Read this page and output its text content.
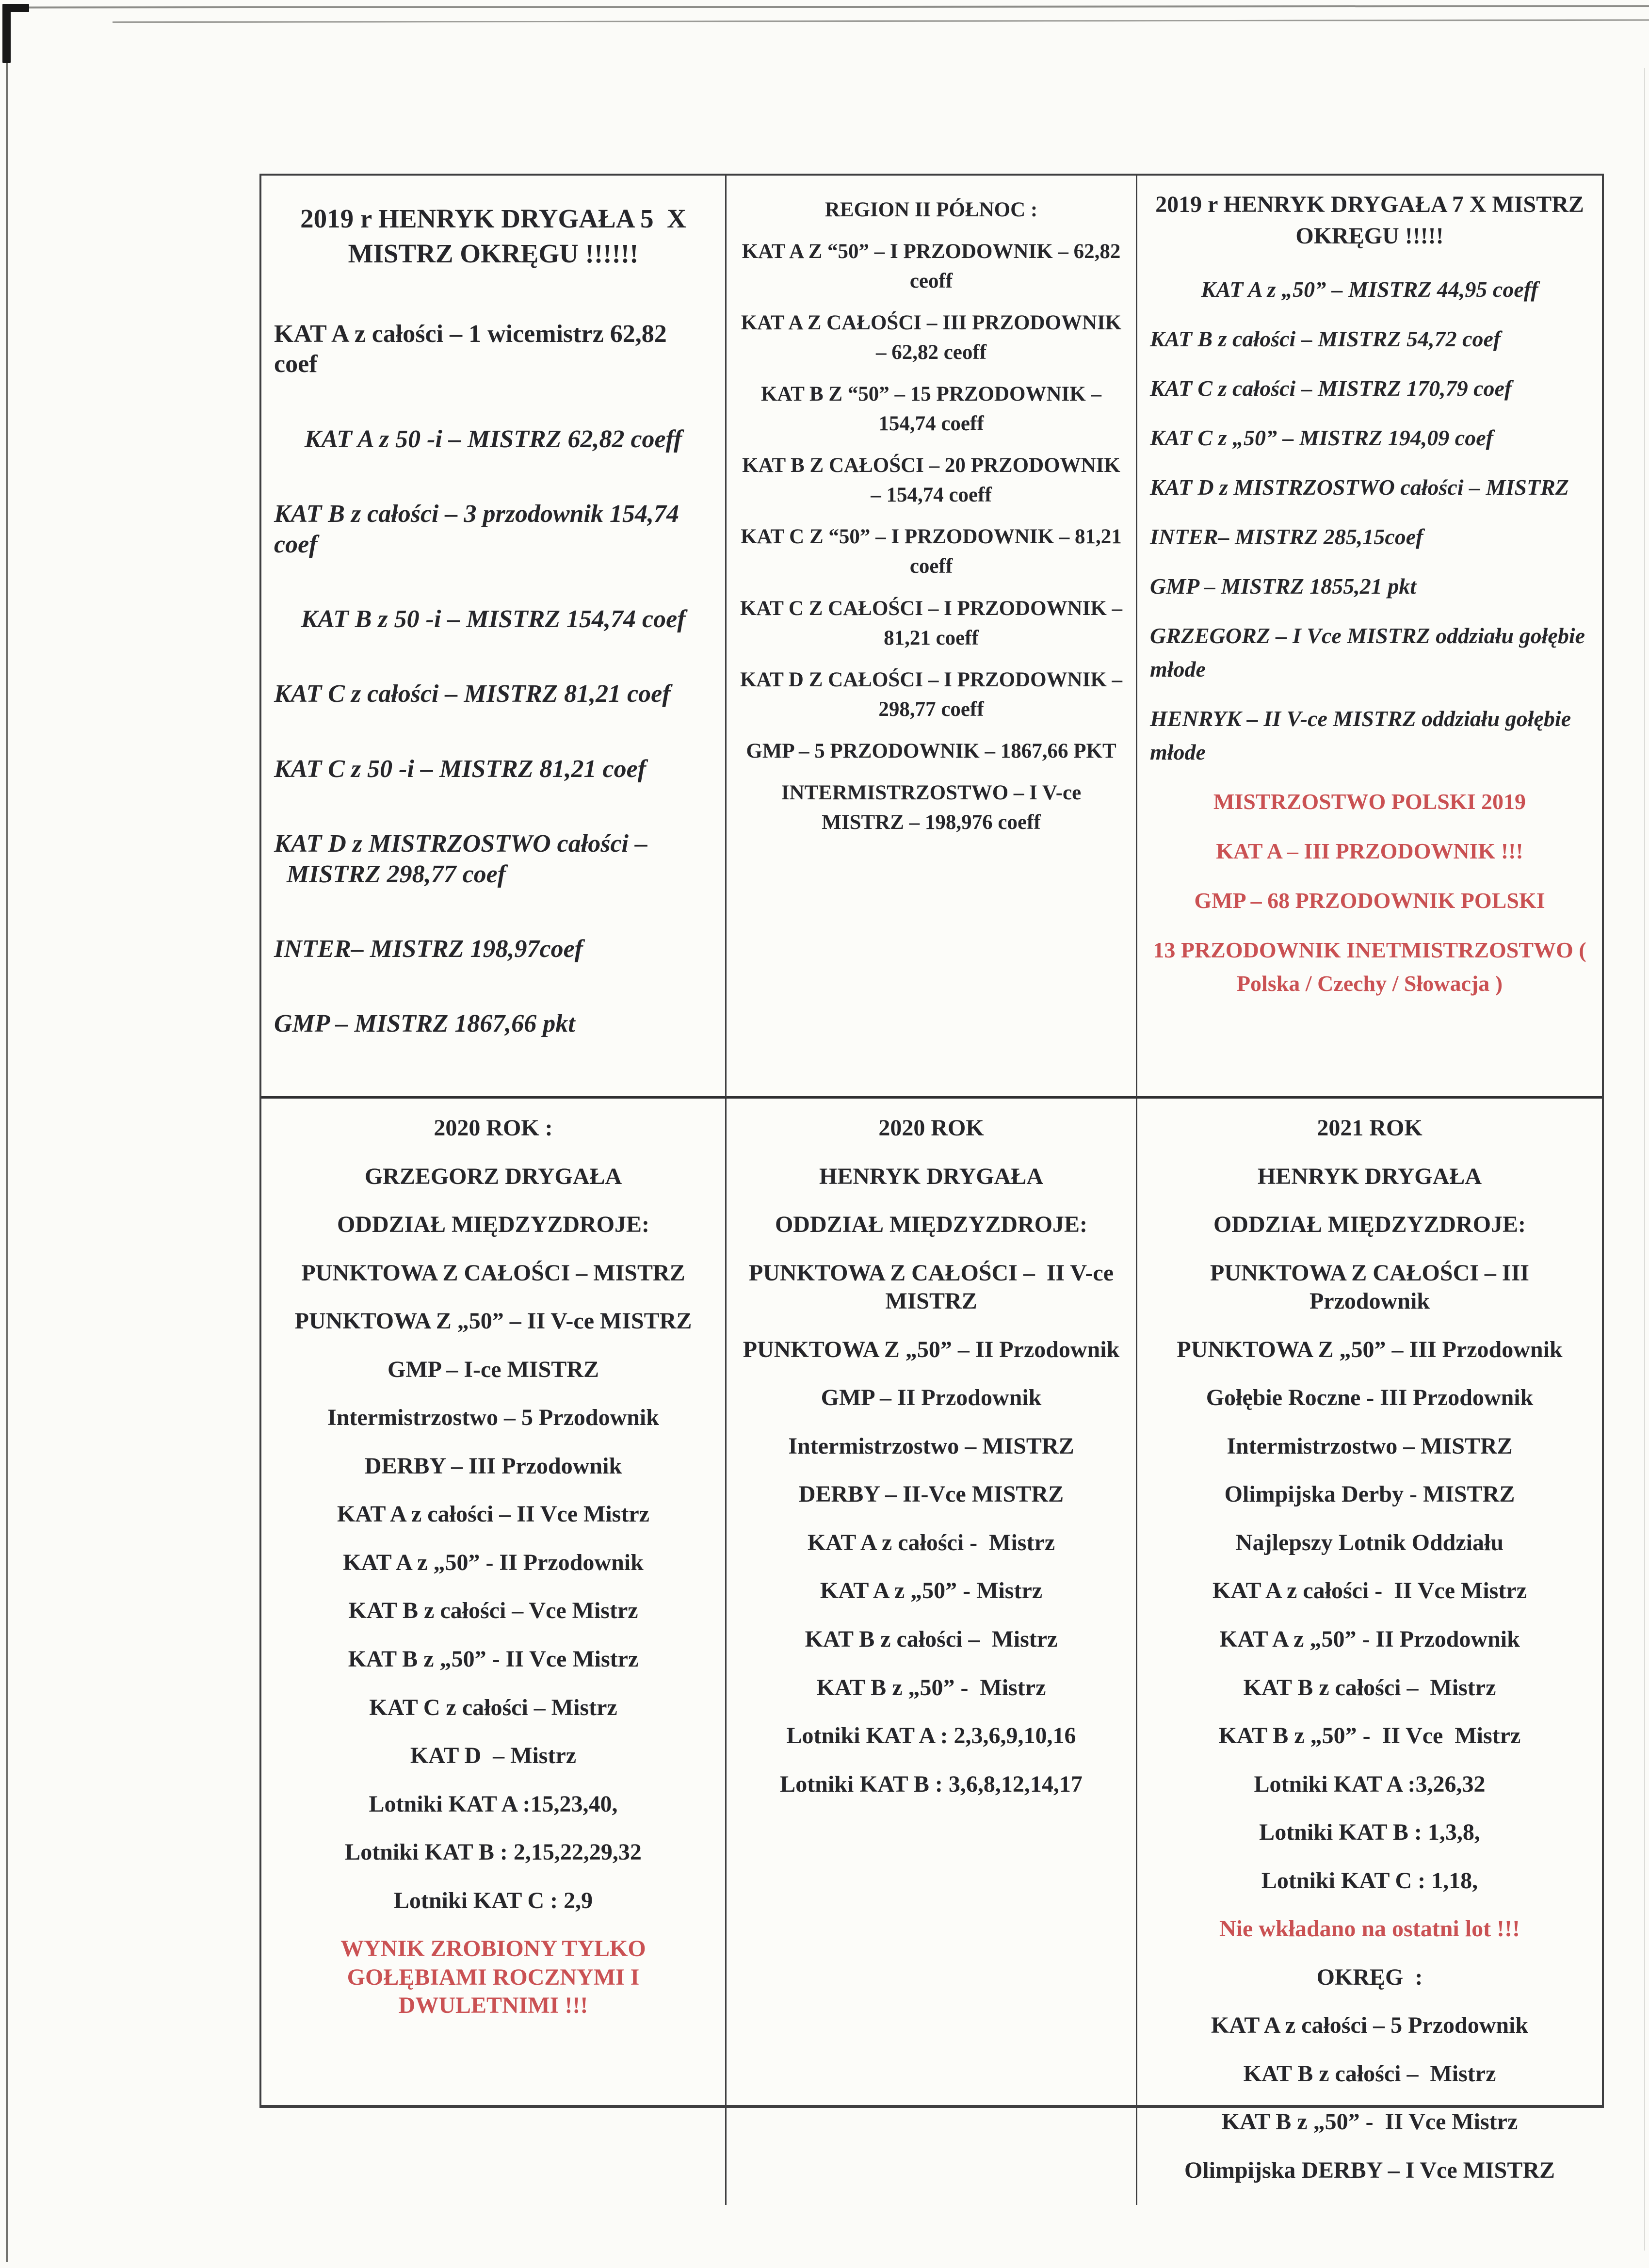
2019 r HENRYK DRYGAŁA 5  X

MISTRZ OKRĘGU !!!!!!

KAT A z całości – 1 wicemistrz 62,82 coef

KAT A z 50 -i – MISTRZ 62,82 coeff

KAT B z całości – 3 przodownik 154,74 coef

KAT B z 50 -i – MISTRZ 154,74 coef

KAT C z całości – MISTRZ 81,21 coef

KAT C z 50 -i – MISTRZ 81,21 coef

KAT D z MISTRZOSTWO całości –   MISTRZ 298,77 coef

INTER– MISTRZ 198,97coef

GMP – MISTRZ 1867,66 pkt

REGION II PÓŁNOC :

KAT A Z “50” – I PRZODOWNIK – 62,82 ceoff

KAT A Z CAŁOŚCI – III PRZODOWNIK – 62,82 ceoff

KAT B Z “50” – 15 PRZODOWNIK – 154,74 coeff

KAT B Z CAŁOŚCI – 20 PRZODOWNIK – 154,74 coeff

KAT C Z “50” – I PRZODOWNIK – 81,21 coeff

KAT C Z CAŁOŚCI – I PRZODOWNIK – 81,21 coeff

KAT D Z CAŁOŚCI – I PRZODOWNIK – 298,77 coeff

GMP – 5 PRZODOWNIK – 1867,66 PKT

INTERMISTRZOSTWO – I V-ce MISTRZ – 198,976 coeff

2019 r HENRYK DRYGAŁA 7 X MISTRZ OKRĘGU !!!!!

KAT A z „50” – MISTRZ 44,95 coeff

KAT B z całości – MISTRZ 54,72 coef

KAT C z całości – MISTRZ 170,79 coef

KAT C z „50” – MISTRZ 194,09 coef

KAT D z MISTRZOSTWO całości – MISTRZ

INTER– MISTRZ 285,15coef

GMP – MISTRZ 1855,21 pkt

GRZEGORZ – I Vce MISTRZ oddziału gołębie młode

HENRYK – II V-ce MISTRZ oddziału gołębie młode

MISTRZOSTWO POLSKI 2019

KAT A – III PRZODOWNIK !!!

GMP – 68 PRZODOWNIK POLSKI

13 PRZODOWNIK INETMISTRZOSTWO ( Polska / Czechy / Słowacja )

2020 ROK :

GRZEGORZ DRYGAŁA

ODDZIAŁ MIĘDZYZDROJE:

PUNKTOWA Z CAŁOŚCI – MISTRZ

PUNKTOWA Z „50” – II V-ce MISTRZ

GMP – I-ce MISTRZ

Intermistrzostwo – 5 Przodownik

DERBY – III Przodownik

KAT A z całości – II Vce Mistrz

KAT A z „50” - II Przodownik

KAT B z całości – Vce Mistrz

KAT B z „50” - II Vce Mistrz

KAT C z całości – Mistrz

KAT D  – Mistrz

Lotniki KAT A :15,23,40,

Lotniki KAT B : 2,15,22,29,32

Lotniki KAT C : 2,9

WYNIK ZROBIONY TYLKO GOŁĘBIAMI ROCZNYMI I DWULETNIMI !!!

2020 ROK

HENRYK DRYGAŁA

ODDZIAŁ MIĘDZYZDROJE:

PUNKTOWA Z CAŁOŚCI –  II V-ce MISTRZ

PUNKTOWA Z „50” – II Przodownik

GMP – II Przodownik

Intermistrzostwo – MISTRZ

DERBY – II-Vce MISTRZ

KAT A z całości -  Mistrz

KAT A z „50” - Mistrz

KAT B z całości –  Mistrz

KAT B z „50” -  Mistrz

Lotniki KAT A : 2,3,6,9,10,16

Lotniki KAT B : 3,6,8,12,14,17

2021 ROK

HENRYK DRYGAŁA

ODDZIAŁ MIĘDZYZDROJE:

PUNKTOWA Z CAŁOŚCI – III Przodownik

PUNKTOWA Z „50” – III Przodownik

Gołębie Roczne - III Przodownik

Intermistrzostwo – MISTRZ

Olimpijska Derby - MISTRZ

Najlepszy Lotnik Oddziału

KAT A z całości -  II Vce Mistrz

KAT A z „50” - II Przodownik

KAT B z całości –  Mistrz

KAT B z „50” -  II Vce  Mistrz

Lotniki KAT A :3,26,32

Lotniki KAT B : 1,3,8,

Lotniki KAT C : 1,18,

Nie wkładano na ostatni lot !!!

OKRĘG  :

KAT A z całości – 5 Przodownik

KAT B z całości –  Mistrz

KAT B z „50” -  II Vce Mistrz

Olimpijska DERBY – I Vce MISTRZ
